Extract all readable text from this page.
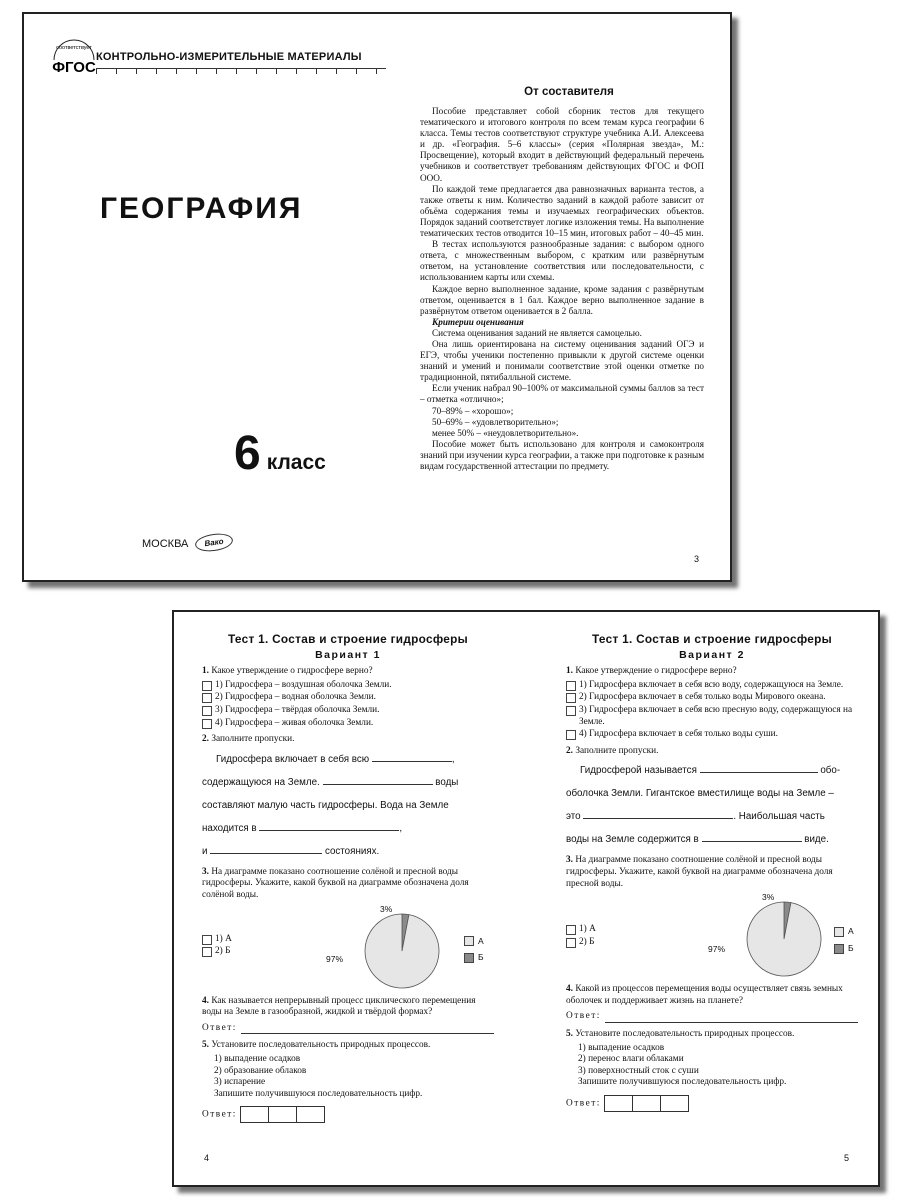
соответствует
ФГОС
КОНТРОЛЬНО-ИЗМЕРИТЕЛЬНЫЕ МАТЕРИАЛЫ
ГЕОГРАФИЯ
6 класс
МОСКВА	Вако
От составителя

Пособие представляет собой сборник тестов для текущего тематического и итогового контроля по всем темам курса географии 6 класса. Темы тестов соответствуют структуре учебника А.И. Алексеева и др. «География. 5–6 классы» (серия «Полярная звезда», М.: Просвещение), который входит в действующий федеральный перечень учебников и соответствует требованиям действующих ФГОС и ФОП ООО.

По каждой теме предлагается два равнозначных варианта тестов, а также ответы к ним. Количество заданий в каждой работе зависит от объёма содержания темы и изучаемых географических объектов. Порядок заданий соответствует логике изложения темы. На выполнение тематических тестов отводится 10–15 мин, итоговых работ – 40–45 мин.

В тестах используются разнообразные задания: с выбором одного ответа, с множественным выбором, с кратким или развёрнутым ответом, на установление соответствия или последовательности, с использованием карты или схемы.

Каждое верно выполненное задание, кроме задания с развёрнутым ответом, оценивается в 1 бал. Каждое верно выполненное задание в развёрнутом ответом оценивается в 2 балла.

Критерии оценивания

Система оценивания заданий не является самоцелью.

Она лишь ориентирована на систему оценивания заданий ОГЭ и ЕГЭ, чтобы ученики постепенно привыкли к другой системе оценки знаний и умений и понимали соответствие этой оценки отметке по традиционной, пятибалльной системе.

Если ученик набрал 90–100% от максимальной суммы баллов за тест – отметка «отлично»;

70–89% – «хорошо»;

50–69% – «удовлетворительно»;

менее 50% – «неудовлетворительно».

Пособие может быть использовано для контроля и самоконтроля знаний при изучении курса географии, а также при подготовке к разным видам государственной аттестации по предмету.

3
Тест 1. Состав и строение гидросферы
Вариант 1
1. Какое утверждение о гидросфере верно?
1) Гидросфера – воздушная оболочка Земли.
2) Гидросфера – водная оболочка Земли.
3) Гидросфера – твёрдая оболочка Земли.
4) Гидросфера – живая оболочка Земли.
2. Заполните пропуски.

Гидросфера включает в себя всю	,

содержащуюся на Земле.	воды

составляют малую часть гидросферы. Вода на Земле

находится в	,

и	состояниях.

3. На диаграмме показано соотношение солёной и пресной воды гидросферы. Укажите, какой буквой на диаграмме обозначена доля солёной воды.
1) А
2) Б
3%
97%
А
Б
4. Как называется непрерывный процесс циклического перемещения воды на Земле в газообразной, жидкой и твёрдой формах?
Ответ:
5. Установите последовательность природных процессов.
1) выпадение осадков
2) образование облаков
3) испарение
Запишите получившуюся последовательность цифр.
Ответ:
4
Тест 1. Состав и строение гидросферы
Вариант 2
1. Какое утверждение о гидросфере верно?
1) Гидросфера включает в себя всю воду, содержащуюся на Земле.
2) Гидросфера включает в себя только воды Мирового океана.
3) Гидросфера включает в себя всю пресную воду, содержащуюся на Земле.
4) Гидросфера включает в себя только воды суши.
2. Заполните пропуски.

Гидросферой называется	обо-

оболочка Земли. Гигантское вместилище воды на Земле –

это	. Наибольшая часть

воды на Земле содержится в	виде.

3. На диаграмме показано соотношение солёной и пресной воды гидросферы. Укажите, какой буквой на диаграмме обозначена доля пресной воды.
1) А
2) Б
3%
97%
А
Б
4. Какой из процессов перемещения воды осуществляет связь земных оболочек и поддерживает жизнь на планете?
Ответ:
5. Установите последовательность природных процессов.
1) выпадение осадков
2) перенос влаги облаками
3) поверхностный сток с суши
Запишите получившуюся последовательность цифр.
Ответ:
5
